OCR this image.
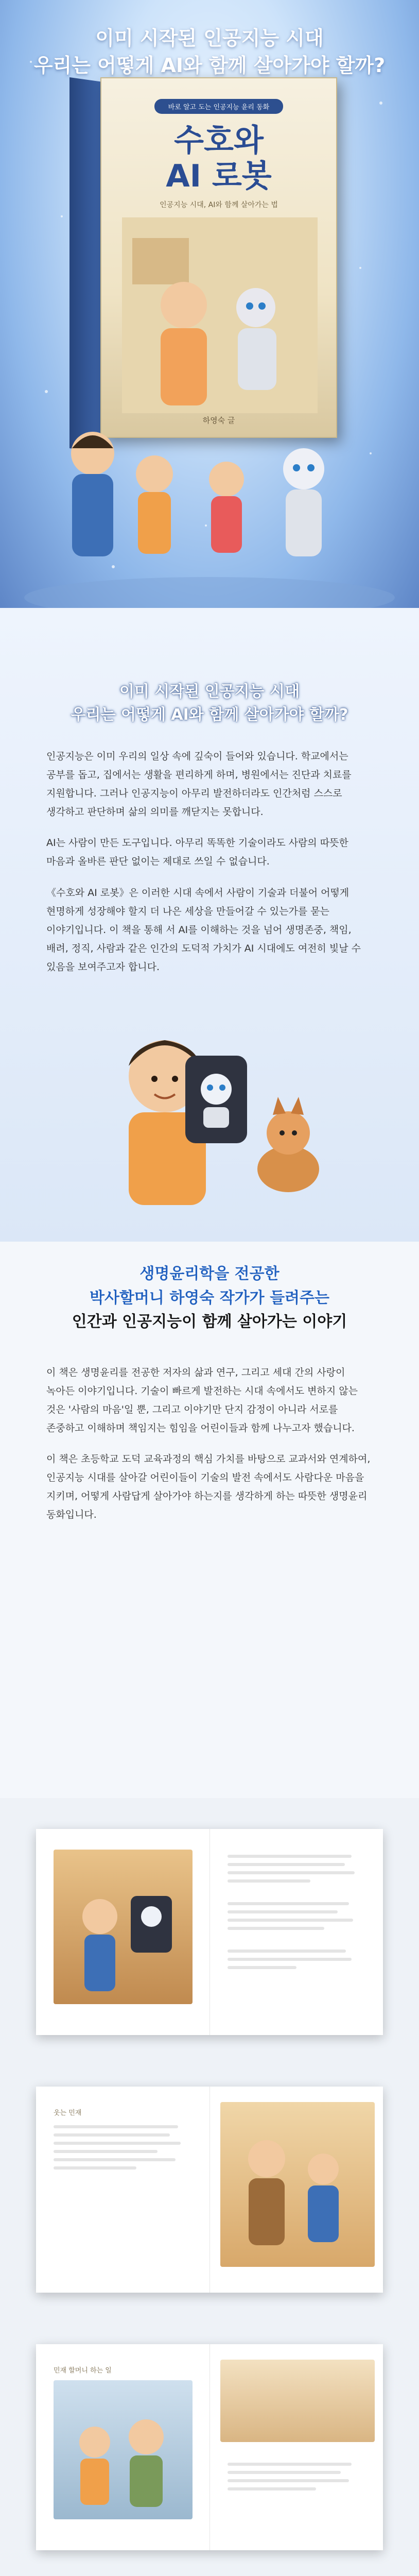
이미 시작된 인공지능 시대
우리는 어떻게 AI와 함께 살아가야 할까?
바로 알고 도는 인공지능 윤리 동화
수호와
AI 로봇
인공지능 시대, AI와 함께 살아가는 법
하영숙 글
이미 시작된 인공지능 시대
우리는 어떻게 AI와 함께 살아가야 할까?

인공지능은 이미 우리의 일상 속에 깊숙이 들어와 있습니다. 학교에서는 공부를 돕고, 집에서는 생활을 편리하게 하며, 병원에서는 진단과 치료를 지원합니다. 그러나 인공지능이 아무리 발전하더라도 인간처럼 스스로 생각하고 판단하며 삶의 의미를 깨닫지는 못합니다.

AI는 사람이 만든 도구입니다. 아무리 똑똑한 기술이라도 사람의 따뜻한 마음과 올바른 판단 없이는 제대로 쓰일 수 없습니다.

《수호와 AI 로봇》은 이러한 시대 속에서 사람이 기술과 더불어 어떻게 현명하게 성장해야 할지 더 나은 세상을 만들어갈 수 있는가를 묻는 이야기입니다. 이 책을 통해 서 AI를 이해하는 것을 넘어 생명존중, 책임, 배려, 정직, 사람과 같은 인간의 도덕적 가치가 AI 시대에도 여전히 빛날 수 있음을 보여주고자 합니다.

생명윤리학을 전공한
박사할머니 하영숙 작가가 들려주는
인간과 인공지능이 함께 살아가는 이야기

이 책은 생명윤리를 전공한 저자의 삶과 연구, 그리고 세대 간의 사랑이 녹아든 이야기입니다. 기술이 빠르게 발전하는 시대 속에서도 변하지 않는 것은 '사람의 마음'일 뿐, 그리고 이야기만 단지 감정이 아니라 서로를 존중하고 이해하며 책임지는 힘임을 어린이들과 함께 나누고자 했습니다.

이 책은 초등학교 도덕 교육과정의 핵심 가치를 바탕으로 교과서와 연계하여, 인공지능 시대를 살아갈 어린이들이 기술의 발전 속에서도 사람다운 마음을 지키며, 어떻게 사람답게 살아가야 하는지를 생각하게 하는 따뜻한 생명윤리 동화입니다.

웃는 민재
민재 할머니 하는 일
